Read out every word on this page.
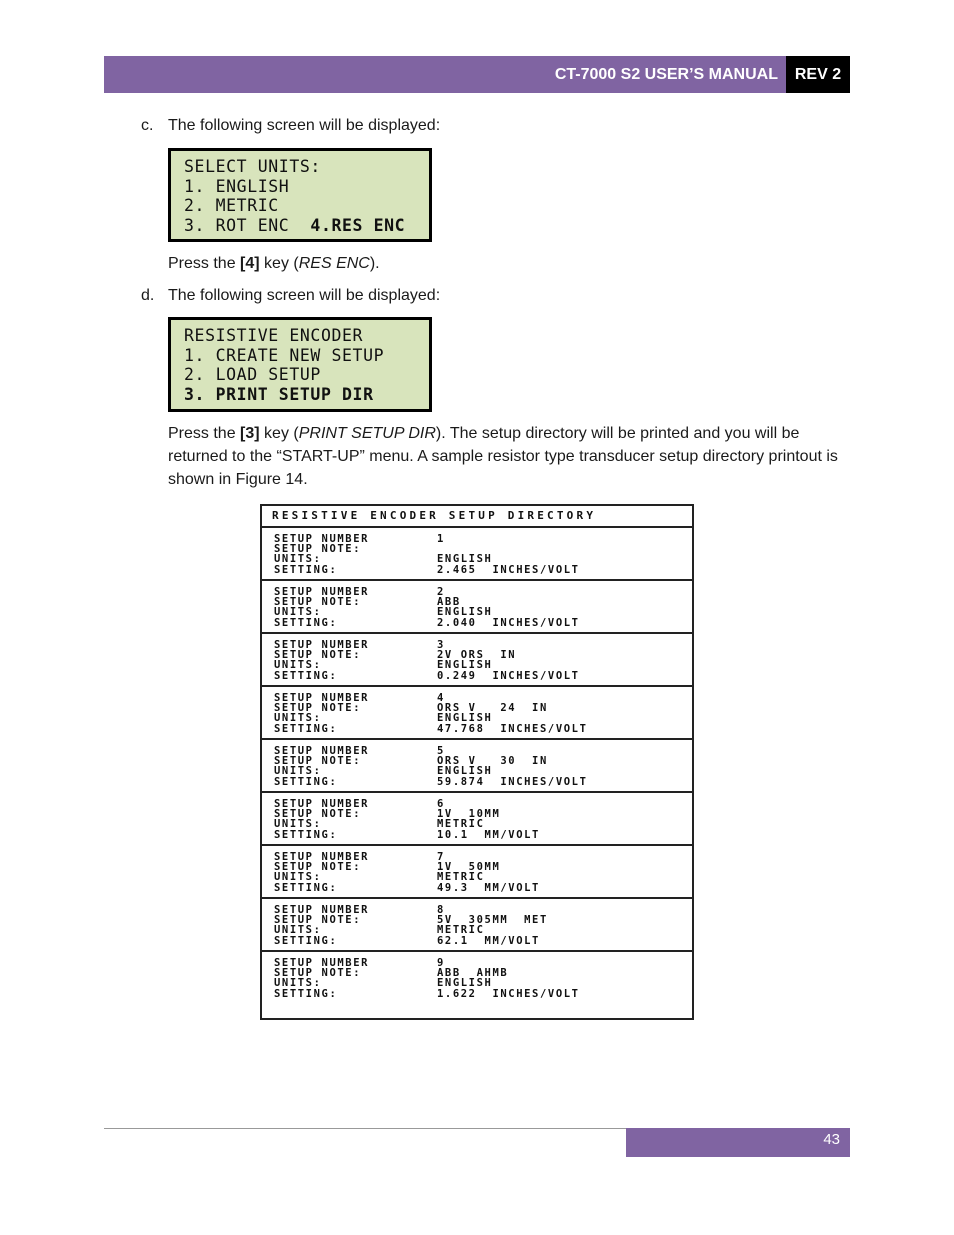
CT-7000 S2 USER’S MANUAL	REV 2
c. The following screen will be displayed:
SELECT UNITS:
1. ENGLISH
2. METRIC
3. ROT ENC  4.RES ENC
Press the [4] key (RES ENC).
d. The following screen will be displayed:
RESISTIVE ENCODER
1. CREATE NEW SETUP
2. LOAD SETUP
3. PRINT SETUP DIR
Press the [3] key (PRINT SETUP DIR). The setup directory will be printed and you will be returned to the “START-UP” menu. A sample resistor type transducer setup directory printout is shown in Figure 14.
RESISTIVE ENCODER SETUP DIRECTORY
SETUP NUMBER	1
SETUP NOTE:
UNITS:	ENGLISH
SETTING:	2.465  INCHES/VOLT
SETUP NUMBER	2
SETUP NOTE:	ABB
UNITS:	ENGLISH
SETTING:	2.040  INCHES/VOLT
SETUP NUMBER	3
SETUP NOTE:	2V ORS  IN
UNITS:	ENGLISH
SETTING:	0.249  INCHES/VOLT
SETUP NUMBER	4
SETUP NOTE:	ORS V   24  IN
UNITS:	ENGLISH
SETTING:	47.768  INCHES/VOLT
SETUP NUMBER	5
SETUP NOTE:	ORS V   30  IN
UNITS:	ENGLISH
SETTING:	59.874  INCHES/VOLT
SETUP NUMBER	6
SETUP NOTE:	1V  10MM
UNITS:	METRIC
SETTING:	10.1  MM/VOLT
SETUP NUMBER	7
SETUP NOTE:	1V  50MM
UNITS:	METRIC
SETTING:	49.3  MM/VOLT
SETUP NUMBER	8
SETUP NOTE:	5V  305MM  MET
UNITS:	METRIC
SETTING:	62.1  MM/VOLT
SETUP NUMBER	9
SETUP NOTE:	ABB  AHMB
UNITS:	ENGLISH
SETTING:	1.622  INCHES/VOLT
43
